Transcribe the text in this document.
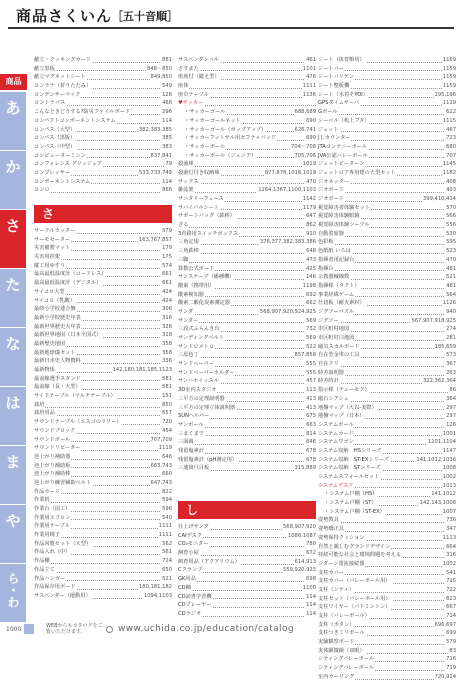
商品さくいん ［五十音順］
商品
あ
か
さ
た
な
は
ま
や
ら・わ
献立・クッキングカード	881
献立黒板	848～850
献立マグネットシート	849,850
コンテナ（折りたたみ）	549
コンデンサーマイク	126
コントラバス	466
こんなときどうする?防災ファイルボード	296
コンパクトコンポーネントシステム	114
コンパス（大型）	382,383,385
コンパス（黒板）	385
コンパス（中型）	383
コンピューターミシン	837,841
コンフォレンス グリッジェア	79
コンプレッサー	533,733,749
コンポーネントシステム	114
コンロ	866
さ
サークルカッター	579
サーモセーター	163,767,857
災害備蓄マット	179
災害用担架	175
縦工用ゆすり	574
最高最低温度計（コードレス）	661
最高最低温度計（デジタル）	661
サイコロ大型	424
サイコロ（乳酸）	424
最終小学校連合盤	306
最新小学校歴史年表	316
最新世界歴史大年表	326
最新世界地図（日本全国式）	318
最新歴史地図	358
最新地球儀セット	358
最新日本史人物資料	336
最新物体	142,180,181,185,1123
最前線選手スタンド	581
最前線（長・大型）	581
サイドテーブル（マルチテーブル）	151
栽培	850
栽培用品	657
サウンドテーブル（エスコのツリー）	720
サウンドブロック	454
サウンドボール	707,709
サウンドリピーター	1119
逆上がり補助器	646
逆上がり補助板	663,743
逆上がり補助棒	660
逆上がり練習補助ベルト	647,743
作品カード	822
作業机	594
作業台（図工）	596
作業用エプロン	540
作業用テーブル	1111
作業用椅子	1111
作品回覧セット（大型）	562
作品入れ（中）	561
作品棚	724
作品立て	650
作品ハンガー	521
作品保存用ボード	180,181,182
サスペンダー（運動用）	1094,1103
サスペンダンバル	461
さすまた	1101
座席付（縦え型）	476
座体	1111
座卓テーブル	1136
♥サッカー
・サッカーゴール	688,689
・サッカーゴールネット	690
・サッカーゴール（ポップアップ）	626,741
・サッカーフットサル用セフティバッド	690
・サッカーボール	704～708
・サッカーボール（ジュニア）	705,706
殺菌庫	1019
殺菌灯付き収納庫	877,878,1018,1019
サックス	470
雑誌架	1264,1367,1100,1103
サニタリーフェース	1142
サバイバルシート	1179
サポートバッグ（鉄棒）	647
ざる	862
3直路用スイッチボックス	910
三角定規	376,377,382,383,386
三角鉄棒	648
三脚	473
算数公式ボード	425
サンスケープ（播種機）	146
酸素（携帯用）	1198
酸素検知器	692
酸素二酸化炭素測定器	662
サンダ	568,907,920,924,925
サンダー	569
三段式ふらんき台	732
サンディングベルト	569
サンドロメトロ	522
三原色丁	857,858
サンドペーパー	555
サンドペーパーホルダー	555
サンバホイッスル	457
3D室内スタジオ	113
三平方の定理説明器	413
三平方の定理立体説明器	413
SUNヘルパー	675
サンボール	663
三まくまで	814
三面鏡	846
残留塩素計	678
残留塩素計（pH測定用）	678
三連筒旦目板	315,889
し
仕上げサンダ	568,907,920
CAIデスク	1086,1087
CO₂モニター	780
飼育小屋	672
飼育用品（アクアリウム）	614,913
Cクランプ	559,920,923
GK用品	698
CD棚	1100
CD読書学習機	114
CDプレーヤー	114
CDラジオ	114
シート（体育館用）	1169
シートバー	1159
シートバリゲン	1159
シート整板機	1159
シート（水着そYOI）	195,196
GPSダイムサーバ	1119
Gボール	622
シーベル（机上フタ）	1115
ジェット	467
Jしカウンター	723
JTAコンテニーボール	680
JVA公認バレーボール	707
ジェットピーターン	1145
ジェットロア専用煙の大型セット	1182
ジオネッター	408
ジオボード	403
ジオボード	399,410,414
視覚障害者体験セット	570
視覚障害体験眼鏡	566
視覚障害体験シーブル	556
自動着席器	530
色彩板	595
色紙紙 いろは	523
指揮者用記録台	470
指揮台	481
示教器械線数	521
指揮棒（タクト）	481
事業経緯ゲーム	564
仕切板（耐火素材）	1126
ジグソーパズル	940
ジグソー	567,907,918,925
市区町村地図	274
市区町村白地図	281
磁気スカルボード	185,659
自在型金車の工具	573
自在クリ	367
時差説明器	263
時差時計	322,362,364
指示棒（チューモク）	86
磁石シアシェ	364
地盤マップ（大以-実際）	297
地盤マップ（日本）	297
システムボール	126
システムカード	1001
システムワゴン	1101,1104
システム収納　HSシリーズ	1147
システム収納　ST-EXシリーズ	141,1012,1036
システム収納　STシリーズ	1008
システムスフォールセット	1002
システムデスク	1013
・システム戸棚（HS）	141,1012
・システム戸棚（ST）	142,143,1008
・システム戸棚（ST-EX）	1007
姿勢教具	736
姿勢矯正具	347
姿勢保持クッション	1113
自然と親しむグランドデザイン	664
持続可能な社会と環境問題を考える	316
シダーン電流接続器	1002
支柱カバー	541
支柱カバー（バレーボール用）	715
支柱（シティ）	722
支柱セット（バレーボール用）	623
支柱ワイヤー（バドミントン）	667
支柱（バレーボール）	714
支柱（ボタン）	696,697
支柱つきミリボール	699
実験観察ボード	579
実体顕微鏡（双眼）	83
シティングバレーボール	716
シティングバレーボール	719
室内カーリング	720,914
1000	WEBからもカタログをご覧いただけます。	www.uchida.co.jp/education/catalog
